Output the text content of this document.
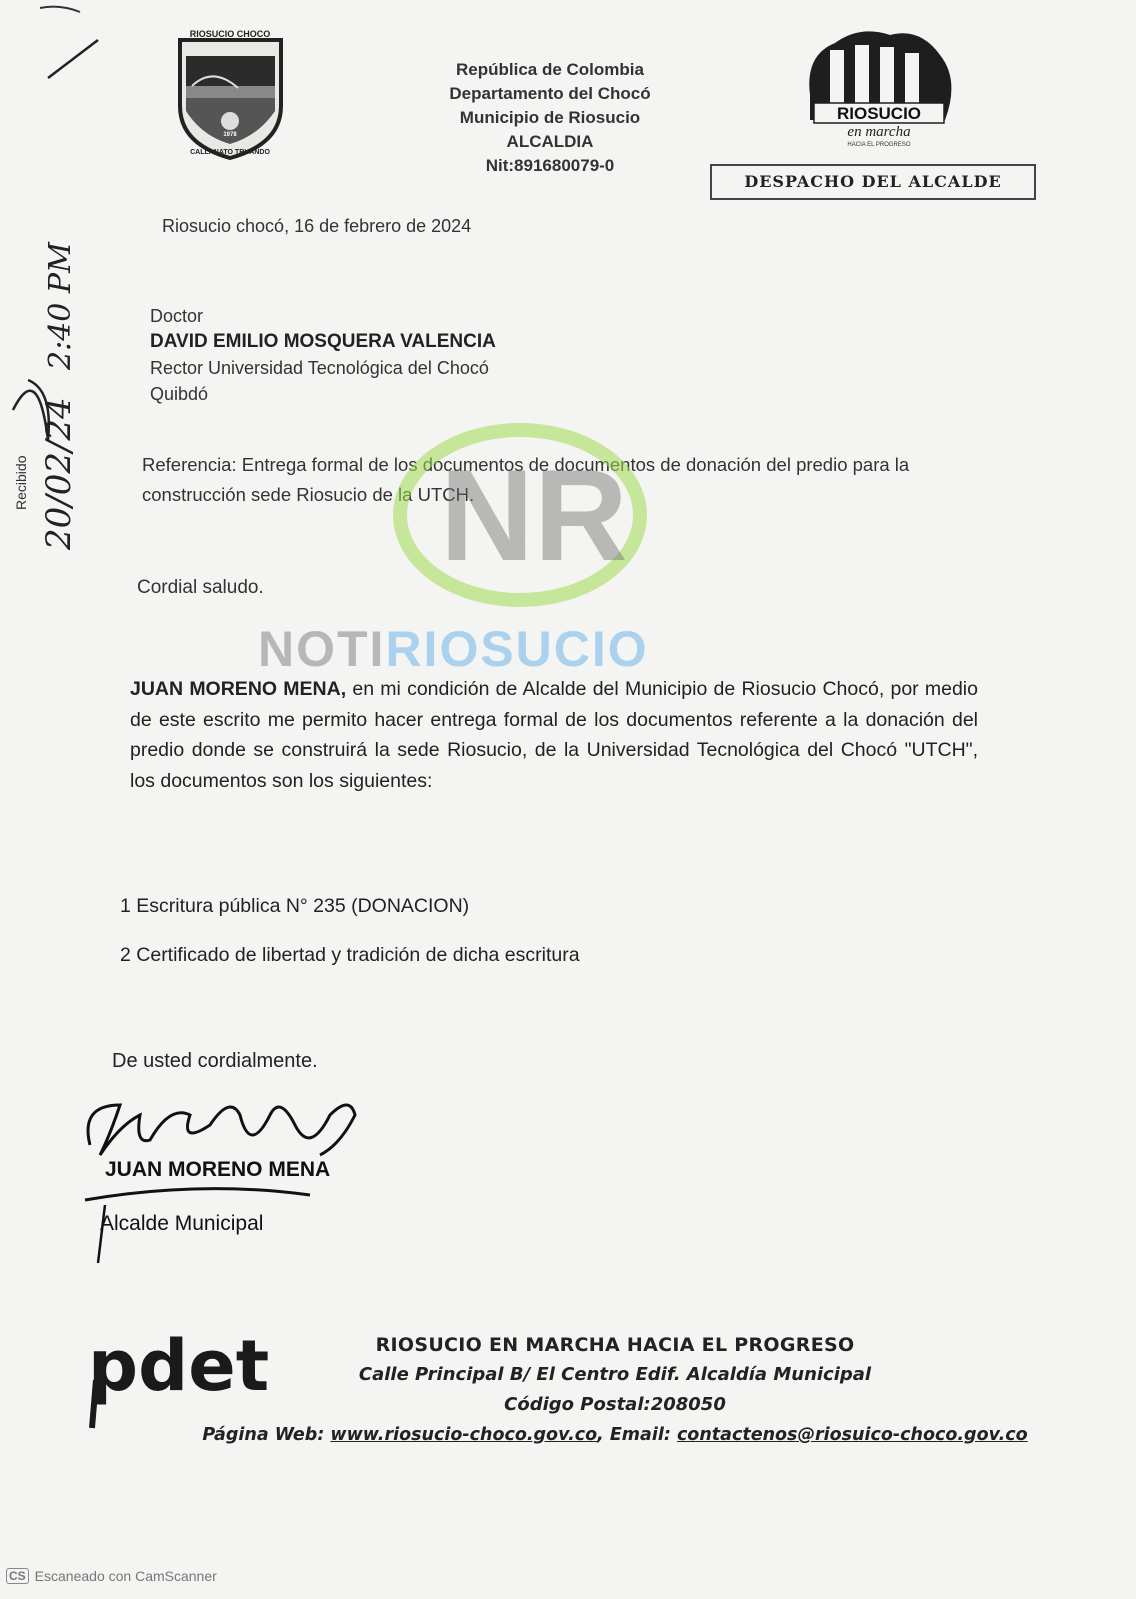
RIOSUCIO CHOCO
1978
CALLANATO TRUANDO
República de Colombia
Departamento del Chocó
Municipio de Riosucio
ALCALDIA
Nit:891680079-0
RIOSUCIO
en marcha
HACIA EL PROGRESO
DESPACHO DEL ALCALDE
Riosucio chocó, 16 de febrero de 2024
Doctor
DAVID EMILIO MOSQUERA VALENCIA
Rector Universidad Tecnológica del Chocó
Quibdó
Referencia: Entrega formal de los documentos de documentos de donación del predio para la construcción sede Riosucio de la UTCH.
Cordial saludo.
JUAN MORENO MENA, en mi condición de Alcalde del Municipio de Riosucio Chocó, por medio de este escrito me permito hacer entrega formal de los documentos referente a la donación del predio donde se construirá la sede Riosucio, de la Universidad Tecnológica del Chocó "UTCH", los documentos son los siguientes:
1 Escritura pública N° 235 (DONACION)
2 Certificado de libertad y tradición de dicha escritura
De usted cordialmente.
JUAN MORENO MENA
Alcalde Municipal
20/02/24
2:40 PM
Recibido	NR
NOTIRIOSUCIO
pdet	RIOSUCIO EN MARCHA HACIA EL PROGRESO
Calle Principal B/ El Centro Edif. Alcaldía Municipal
Código Postal:208050
Página Web: www.riosucio-choco.gov.co, Email: contactenos@riosuico-choco.gov.co
CS Escaneado con CamScanner
